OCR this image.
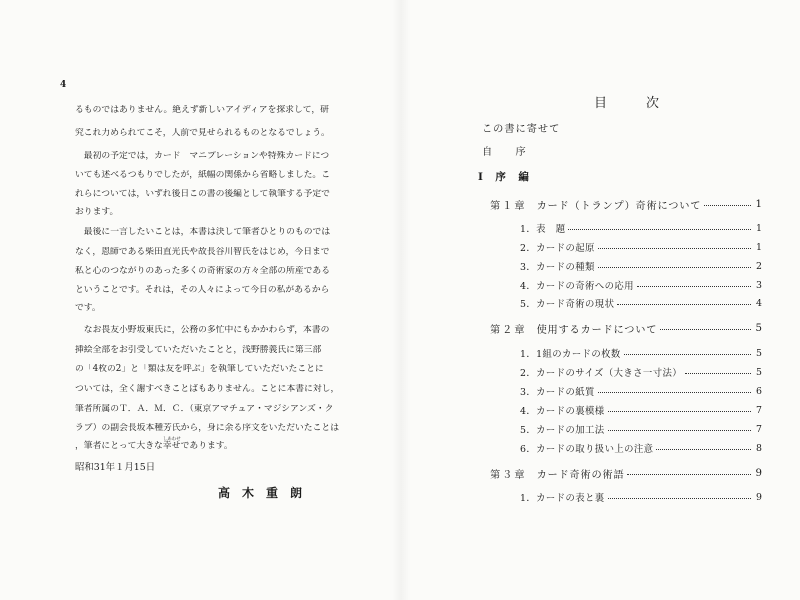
4
るものではありません。絶えず新しいアイディアを探求して，研
究これ力められてこそ，人前で見せられるものとなるでしょう。
　最初の予定では，カード　マニプレーションや特殊カードにつ
いても述べるつもりでしたが，紙幅の関係から省略しました。こ
れらについては，いずれ後日この書の後編として執筆する予定で
おります。
　最後に一言したいことは，本書は決して筆者ひとりのものでは
なく，恩師である柴田直光氏や故長谷川智氏をはじめ，今日まで
私と心のつながりのあった多くの奇術家の方々全部の所産である
ということです。それは，その人々によって今日の私があるから
です。
　なお畏友小野坂東氏に，公務の多忙中にもかかわらず，本書の
挿絵全部をお引受していただいたことと，浅野勝義氏に第三部
の「4枚の2」と「類は友を呼ぶ」を執筆していただいたことに
ついては，全く謝すべきことばもありません。ことに本書に対し，
筆者所属のＴ．Ａ．Ｍ．Ｃ．（東京アマチュア・マジシアンズ・ク
ラブ）の副会長坂本種芳氏から，身に余る序文をいただいたことは
，筆者にとって大きな幸せしあわせであります。
昭和31年１月15日
高　木　重　朗
目　　　次
この書に寄せて
自　　序
Ⅰ　序　編
第１章 カード（トランプ）奇術について	1
1．表　題	1
2．カードの起原	1
3．カードの種類	2
4．カードの奇術への応用	3
5．カード奇術の現状	4
第２章 使用するカードについて	5
1．1組のカードの枚数	5
2．カードのサイズ（大きさ一寸法）	5
3．カードの紙質	6
4．カードの裏模様	7
5．カードの加工法	7
6．カードの取り扱い上の注意	8
第３章 カード奇術の術語	9
1．カードの表と裏	9
